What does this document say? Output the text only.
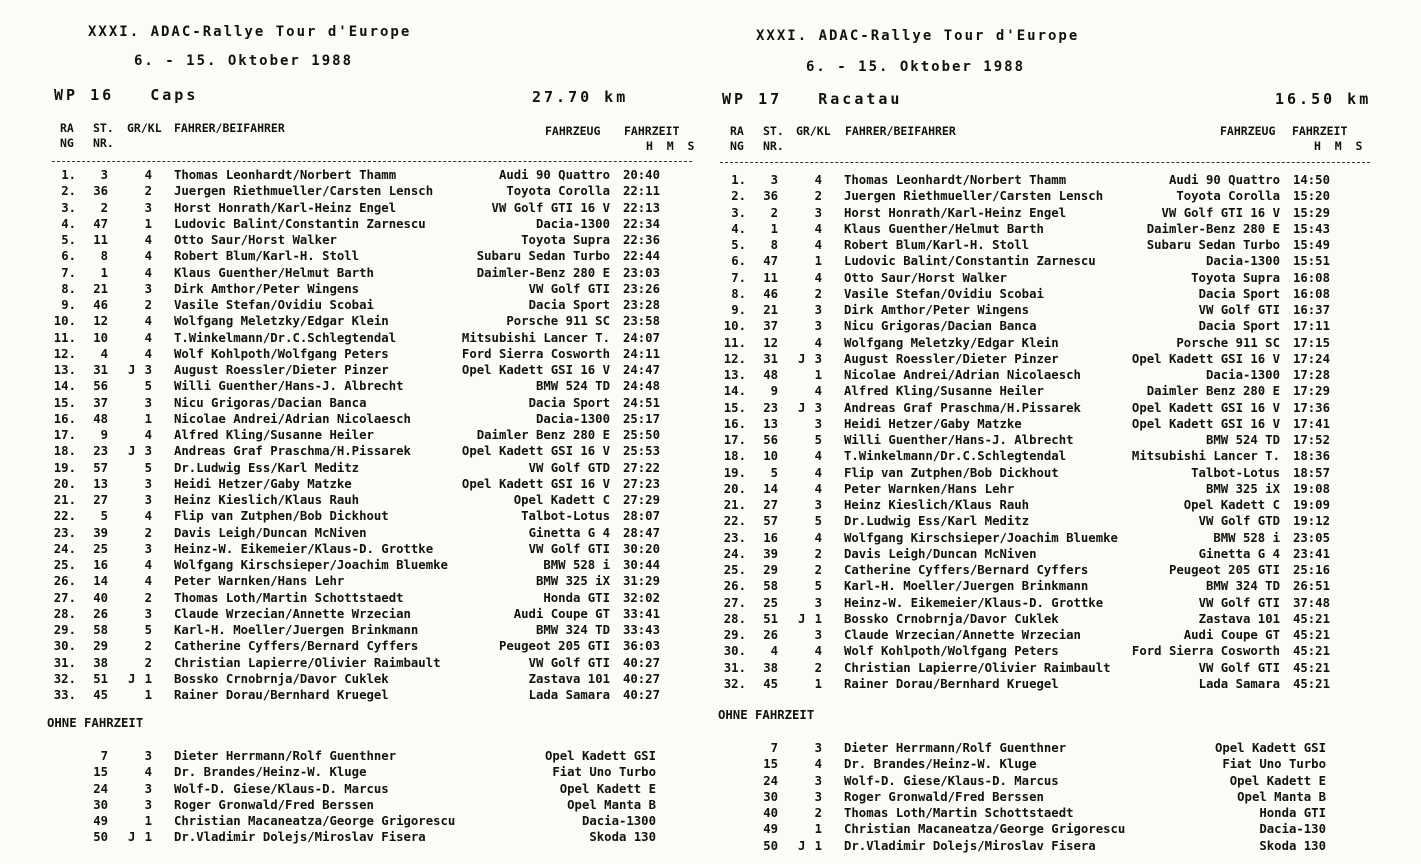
XXXI. ADAC-Rallye Tour d'Europe
6. - 15. Oktober 1988
WP 16   Caps	27.70 km
RA
NG
ST.
NR.
GR/KL FAHRER/BEIFAHRER	FAHRZEUG FAHRZEIT
H  M  S
1.	3	4 Thomas Leonhardt/Norbert Thamm	Audi 90 Quattro 20:40
2.	36	2 Juergen Riethmueller/Carsten Lensch	Toyota Corolla 22:11
3.	2	3 Horst Honrath/Karl-Heinz Engel	VW Golf GTI 16 V 22:13
4.	47	1 Ludovic Balint/Constantin Zarnescu	Dacia-1300 22:34
5.	11	4 Otto Saur/Horst Walker	Toyota Supra 22:36
6.	8	4 Robert Blum/Karl-H. Stoll	Subaru Sedan Turbo 22:44
7.	1	4 Klaus Guenther/Helmut Barth	Daimler-Benz 280 E 23:03
8.	21	3 Dirk Amthor/Peter Wingens	VW Golf GTI 23:26
9.	46	2 Vasile Stefan/Ovidiu Scobai	Dacia Sport 23:28
10.	12	4 Wolfgang Meletzky/Edgar Klein	Porsche 911 SC 23:58
11.	10	4 T.Winkelmann/Dr.C.Schlegtendal	Mitsubishi Lancer T. 24:07
12.	4	4 Wolf Kohlpoth/Wolfgang Peters	Ford Sierra Cosworth 24:11
13.	31 J 3 August Roessler/Dieter Pinzer	Opel Kadett GSI 16 V 24:47
14.	56	5 Willi Guenther/Hans-J. Albrecht	BMW 524 TD 24:48
15.	37	3 Nicu Grigoras/Dacian Banca	Dacia Sport 24:51
16.	48	1 Nicolae Andrei/Adrian Nicolaesch	Dacia-1300 25:17
17.	9	4 Alfred Kling/Susanne Heiler	Daimler Benz 280 E 25:50
18.	23 J 3 Andreas Graf Praschma/H.Pissarek	Opel Kadett GSI 16 V 25:53
19.	57	5 Dr.Ludwig Ess/Karl Meditz	VW Golf GTD 27:22
20.	13	3 Heidi Hetzer/Gaby Matzke	Opel Kadett GSI 16 V 27:23
21.	27	3 Heinz Kieslich/Klaus Rauh	Opel Kadett C 27:29
22.	5	4 Flip van Zutphen/Bob Dickhout	Talbot-Lotus 28:07
23.	39	2 Davis Leigh/Duncan McNiven	Ginetta G 4 28:47
24.	25	3 Heinz-W. Eikemeier/Klaus-D. Grottke	VW Golf GTI 30:20
25.	16	4 Wolfgang Kirschsieper/Joachim Bluemke	BMW 528 i 30:44
26.	14	4 Peter Warnken/Hans Lehr	BMW 325 iX 31:29
27.	40	2 Thomas Loth/Martin Schottstaedt	Honda GTI 32:02
28.	26	3 Claude Wrzecian/Annette Wrzecian	Audi Coupe GT 33:41
29.	58	5 Karl-H. Moeller/Juergen Brinkmann	BMW 324 TD 33:43
30.	29	2 Catherine Cyffers/Bernard Cyffers	Peugeot 205 GTI 36:03
31.	38	2 Christian Lapierre/Olivier Raimbault	VW Golf GTI 40:27
32.	51 J 1 Bossko Crnobrnja/Davor Cuklek	Zastava 101 40:27
33.	45	1 Rainer Dorau/Bernhard Kruegel	Lada Samara 40:27
OHNE FAHRZEIT
7	3 Dieter Herrmann/Rolf Guenthner	Opel Kadett GSI
15	4 Dr. Brandes/Heinz-W. Kluge	Fiat Uno Turbo
24	3 Wolf-D. Giese/Klaus-D. Marcus	Opel Kadett E
30	3 Roger Gronwald/Fred Berssen	Opel Manta B
49	1 Christian Macaneatza/George Grigorescu	Dacia-1300
50 J 1 Dr.Vladimir Dolejs/Miroslav Fisera	Skoda 130
XXXI. ADAC-Rallye Tour d'Europe
6. - 15. Oktober 1988
WP 17   Racatau	16.50 km
RA
NG
ST.
NR.
GR/KL FAHRER/BEIFAHRER	FAHRZEUG FAHRZEIT
H  M  S
1.	3	4 Thomas Leonhardt/Norbert Thamm	Audi 90 Quattro 14:50
2.	36	2 Juergen Riethmueller/Carsten Lensch	Toyota Corolla 15:20
3.	2	3 Horst Honrath/Karl-Heinz Engel	VW Golf GTI 16 V 15:29
4.	1	4 Klaus Guenther/Helmut Barth	Daimler-Benz 280 E 15:43
5.	8	4 Robert Blum/Karl-H. Stoll	Subaru Sedan Turbo 15:49
6.	47	1 Ludovic Balint/Constantin Zarnescu	Dacia-1300 15:51
7.	11	4 Otto Saur/Horst Walker	Toyota Supra 16:08
8.	46	2 Vasile Stefan/Ovidiu Scobai	Dacia Sport 16:08
9.	21	3 Dirk Amthor/Peter Wingens	VW Golf GTI 16:37
10.	37	3 Nicu Grigoras/Dacian Banca	Dacia Sport 17:11
11.	12	4 Wolfgang Meletzky/Edgar Klein	Porsche 911 SC 17:15
12.	31 J 3 August Roessler/Dieter Pinzer	Opel Kadett GSI 16 V 17:24
13.	48	1 Nicolae Andrei/Adrian Nicolaesch	Dacia-1300 17:28
14.	9	4 Alfred Kling/Susanne Heiler	Daimler Benz 280 E 17:29
15.	23 J 3 Andreas Graf Praschma/H.Pissarek	Opel Kadett GSI 16 V 17:36
16.	13	3 Heidi Hetzer/Gaby Matzke	Opel Kadett GSI 16 V 17:41
17.	56	5 Willi Guenther/Hans-J. Albrecht	BMW 524 TD 17:52
18.	10	4 T.Winkelmann/Dr.C.Schlegtendal	Mitsubishi Lancer T. 18:36
19.	5	4 Flip van Zutphen/Bob Dickhout	Talbot-Lotus 18:57
20.	14	4 Peter Warnken/Hans Lehr	BMW 325 iX 19:08
21.	27	3 Heinz Kieslich/Klaus Rauh	Opel Kadett C 19:09
22.	57	5 Dr.Ludwig Ess/Karl Meditz	VW Golf GTD 19:12
23.	16	4 Wolfgang Kirschsieper/Joachim Bluemke	BMW 528 i 23:05
24.	39	2 Davis Leigh/Duncan McNiven	Ginetta G 4 23:41
25.	29	2 Catherine Cyffers/Bernard Cyffers	Peugeot 205 GTI 25:16
26.	58	5 Karl-H. Moeller/Juergen Brinkmann	BMW 324 TD 26:51
27.	25	3 Heinz-W. Eikemeier/Klaus-D. Grottke	VW Golf GTI 37:48
28.	51 J 1 Bossko Crnobrnja/Davor Cuklek	Zastava 101 45:21
29.	26	3 Claude Wrzecian/Annette Wrzecian	Audi Coupe GT 45:21
30.	4	4 Wolf Kohlpoth/Wolfgang Peters	Ford Sierra Cosworth 45:21
31.	38	2 Christian Lapierre/Olivier Raimbault	VW Golf GTI 45:21
32.	45	1 Rainer Dorau/Bernhard Kruegel	Lada Samara 45:21
OHNE FAHRZEIT
7	3 Dieter Herrmann/Rolf Guenthner	Opel Kadett GSI
15	4 Dr. Brandes/Heinz-W. Kluge	Fiat Uno Turbo
24	3 Wolf-D. Giese/Klaus-D. Marcus	Opel Kadett E
30	3 Roger Gronwald/Fred Berssen	Opel Manta B
40	2 Thomas Loth/Martin Schottstaedt	Honda GTI
49	1 Christian Macaneatza/George Grigorescu	Dacia-130
50 J 1 Dr.Vladimir Dolejs/Miroslav Fisera	Skoda 130
